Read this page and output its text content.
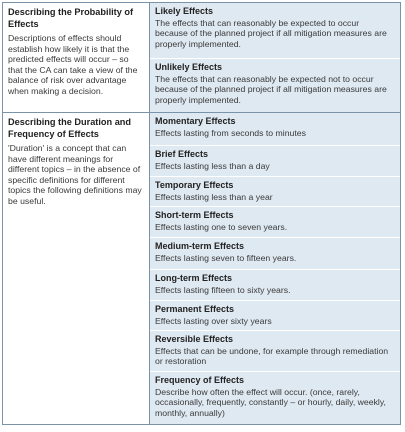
Describing the Probability of Effects
Descriptions of effects should establish how likely it is that the predicted effects will occur – so that the CA can take a view of the balance of risk over advantage when making a decision.
Likely Effects
The effects that can reasonably be expected to occur because of the planned project if all mitigation measures are properly implemented.
Unlikely Effects
The effects that can reasonably be expected not to occur because of the planned project if all mitigation measures are properly implemented.
Describing the Duration and Frequency of Effects
'Duration' is a concept that can have different meanings for different topics – in the absence of specific definitions for different topics the following definitions may be useful.
Momentary Effects
Effects lasting from seconds to minutes
Brief Effects
Effects lasting less than a day
Temporary Effects
Effects lasting less than a year
Short-term Effects
Effects lasting one to seven years.
Medium-term Effects
Effects lasting seven to fifteen years.
Long-term Effects
Effects lasting fifteen to sixty years.
Permanent Effects
Effects lasting over sixty years
Reversible Effects
Effects that can be undone, for example through remediation or restoration
Frequency of Effects
Describe how often the effect will occur. (once, rarely, occasionally, frequently, constantly – or hourly, daily, weekly, monthly, annually)
